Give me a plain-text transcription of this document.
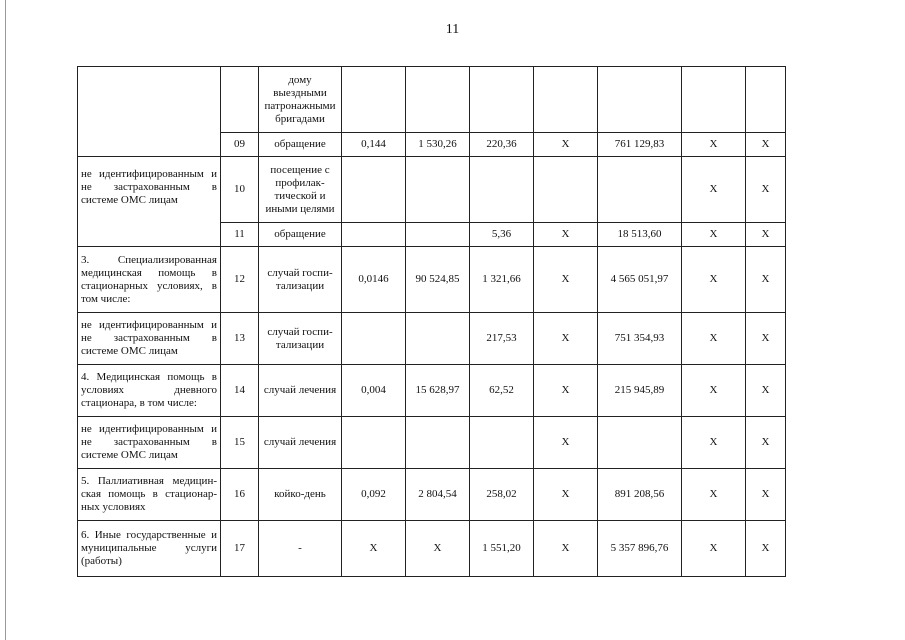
11
		дому выездными патронажными бригадами							
	09	обращение	0,144	1 530,26	220,36	X	761 129,83	X	X
не идентифицированным и не застрахованным в системе ОМС лицам	10	посещение с профилак-тической и иными целями						X	X
	11	обращение			5,36	X	18 513,60	X	X
3. Специализированная медицинская помощь в стационарных условиях, в том числе:	12	случай госпи-тализации	0,0146	90 524,85	1 321,66	X	4 565 051,97	X	X
не идентифицированным и не застрахованным в системе ОМС лицам	13	случай госпи-тализации			217,53	X	751 354,93	X	X
4. Медицинская помощь в условиях дневного стационара, в том числе:	14	случай лечения	0,004	15 628,97	62,52	X	215 945,89	X	X
не идентифицированным и не застрахованным в системе ОМС лицам	15	случай лечения				X		X	X
5. Паллиативная медицин-ская помощь в стационар-ных условиях	16	койко-день	0,092	2 804,54	258,02	X	891 208,56	X	X
6. Иные государственные и муниципальные услуги (работы)	17	-	X	X	1 551,20	X	5 357 896,76	X	X
